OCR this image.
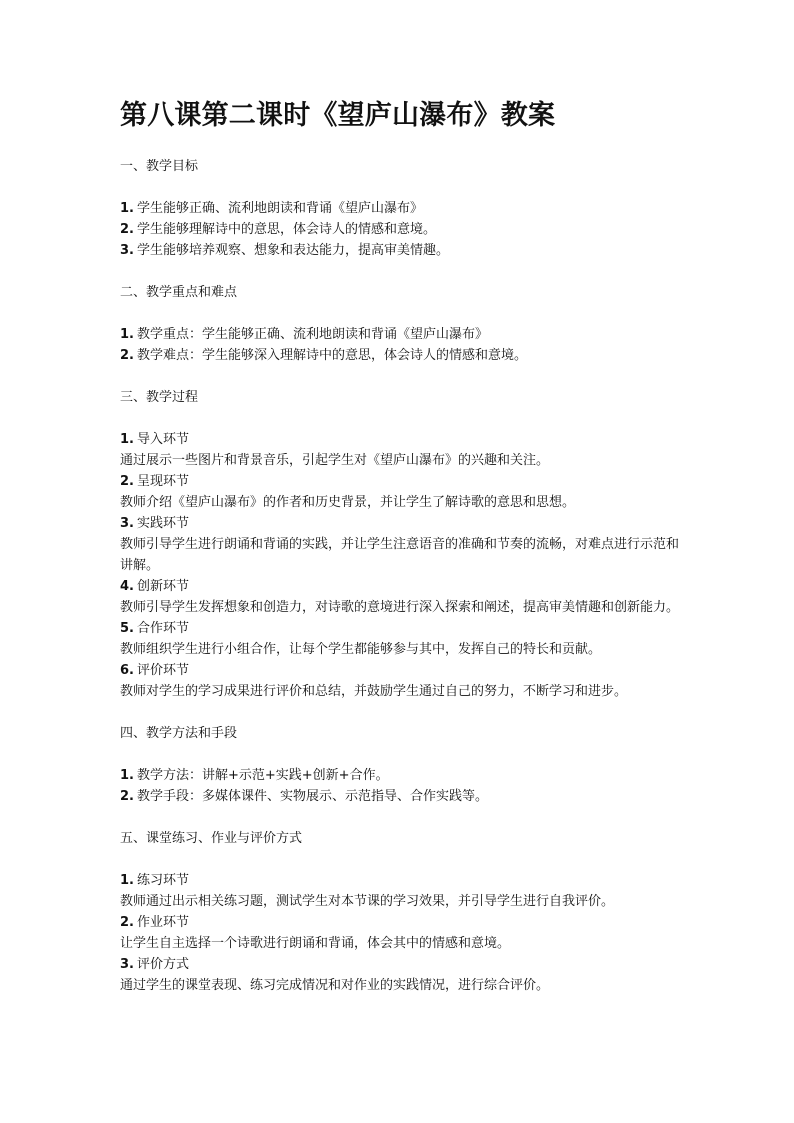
第八课第二课时《望庐山瀑布》教案
一、教学目标
1. 学生能够正确、流利地朗读和背诵《望庐山瀑布》
2. 学生能够理解诗中的意思，体会诗人的情感和意境。
3. 学生能够培养观察、想象和表达能力，提高审美情趣。
二、教学重点和难点
1. 教学重点：学生能够正确、流利地朗读和背诵《望庐山瀑布》
2. 教学难点：学生能够深入理解诗中的意思，体会诗人的情感和意境。
三、教学过程
1. 导入环节
通过展示一些图片和背景音乐，引起学生对《望庐山瀑布》的兴趣和关注。
2. 呈现环节
教师介绍《望庐山瀑布》的作者和历史背景，并让学生了解诗歌的意思和思想。
3. 实践环节
教师引导学生进行朗诵和背诵的实践，并让学生注意语音的准确和节奏的流畅，对难点进行示范和讲解。
4. 创新环节
教师引导学生发挥想象和创造力，对诗歌的意境进行深入探索和阐述，提高审美情趣和创新能力。
5. 合作环节
教师组织学生进行小组合作，让每个学生都能够参与其中，发挥自己的特长和贡献。
6. 评价环节
教师对学生的学习成果进行评价和总结，并鼓励学生通过自己的努力，不断学习和进步。
四、教学方法和手段
1. 教学方法：讲解+示范+实践+创新+合作。
2. 教学手段：多媒体课件、实物展示、示范指导、合作实践等。
五、课堂练习、作业与评价方式
1. 练习环节
教师通过出示相关练习题，测试学生对本节课的学习效果，并引导学生进行自我评价。
2. 作业环节
让学生自主选择一个诗歌进行朗诵和背诵，体会其中的情感和意境。
3. 评价方式
通过学生的课堂表现、练习完成情况和对作业的实践情况，进行综合评价。
